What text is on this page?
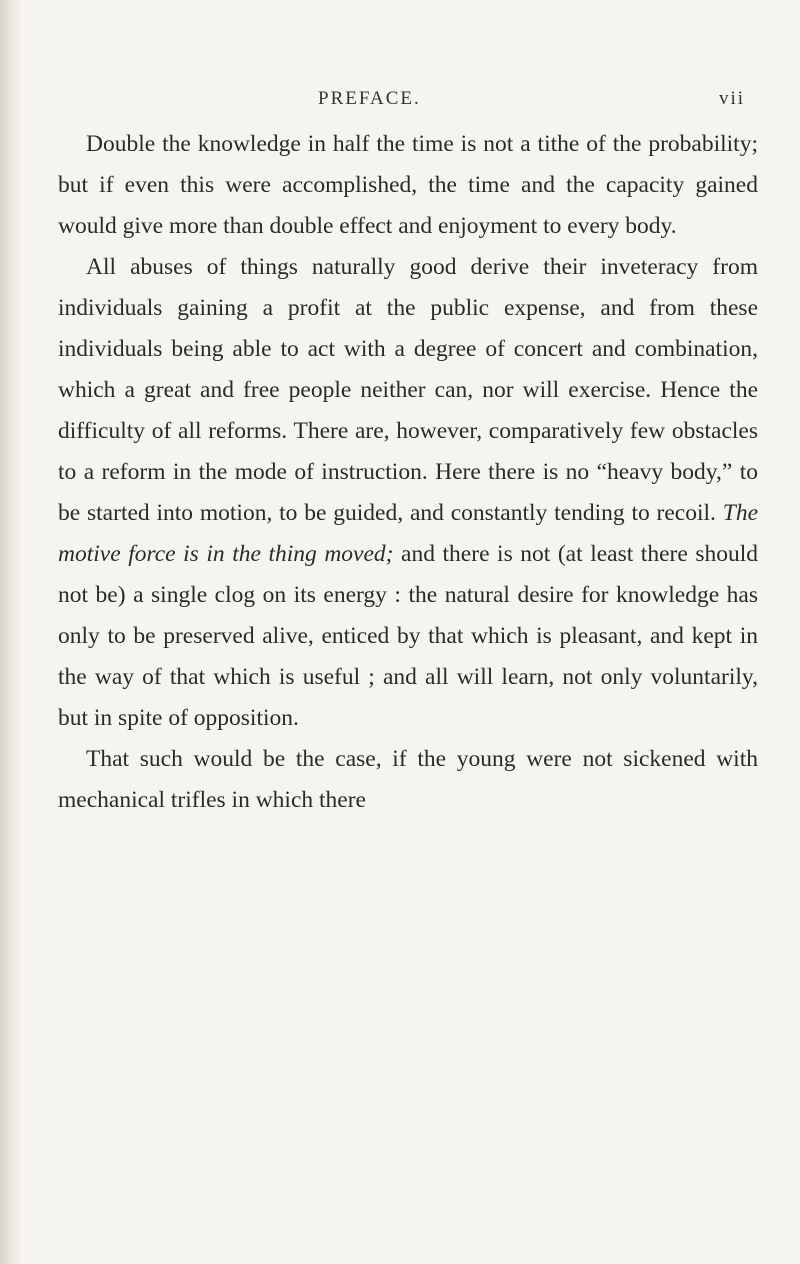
PREFACE.	vii

Double the knowledge in half the time is not a tithe of the probability; but if even this were accomplished, the time and the capacity gained would give more than double effect and enjoyment to every body.

All abuses of things naturally good derive their inveteracy from individuals gaining a profit at the public expense, and from these individuals being able to act with a degree of concert and combination, which a great and free people neither can, nor will exercise. Hence the difficulty of all reforms. There are, however, comparatively few obstacles to a reform in the mode of instruction. Here there is no “heavy body,” to be started into motion, to be guided, and constantly tending to recoil. The motive force is in the thing moved; and there is not (at least there should not be) a single clog on its energy : the natural desire for knowledge has only to be preserved alive, enticed by that which is pleasant, and kept in the way of that which is useful ; and all will learn, not only voluntarily, but in spite of opposition.

That such would be the case, if the young were not sickened with mechanical trifles in which there
